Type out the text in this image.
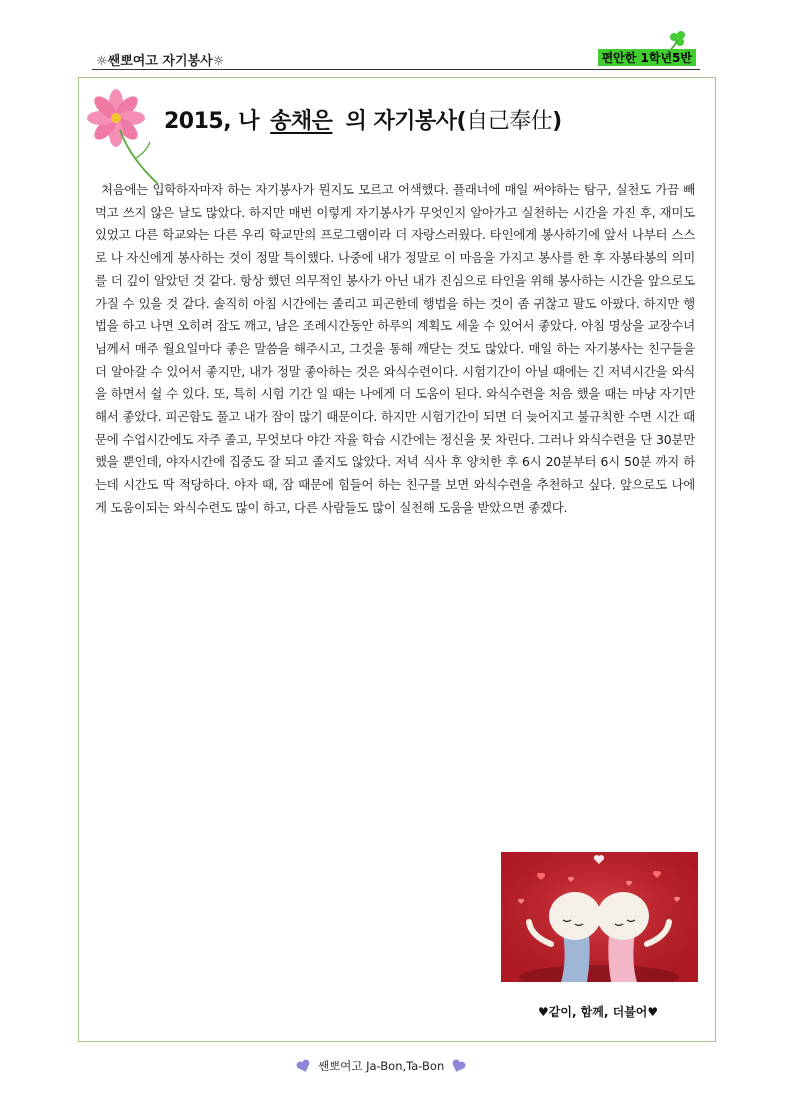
☼쌘뽀여고 자기봉사☼	편안한 1학년5반
2015, 나 송채은 의 자기봉사(自己奉仕)
처음에는 입학하자마자 하는 자기봉사가 뭔지도 모르고 어색했다. 플래너에 매일 써야하는 탐구, 실천도 가끔 빼먹고 쓰지 않은 날도 많았다. 하지만 매번 이렇게 자기봉사가 무엇인지 알아가고 실천하는 시간을 가진 후, 재미도 있었고 다른 학교와는 다른 우리 학교만의 프로그램이라 더 자랑스러웠다. 타인에게 봉사하기에 앞서 나부터 스스로 나 자신에게 봉사하는 것이 정말 특이했다. 나중에 내가 정말로 이 마음을 가지고 봉사를 한 후 자봉타봉의 의미를 더 깊이 알았던 것 같다. 항상 했던 의무적인 봉사가 아닌 내가 진심으로 타인을 위해 봉사하는 시간을 앞으로도 가질 수 있을 것 같다. 솔직히 아침 시간에는 졸리고 피곤한데 행법을 하는 것이 좀 귀찮고 팔도 아팠다. 하지만 행법을 하고 나면 오히려 잠도 깨고, 남은 조례시간동안 하루의 계획도 세울 수 있어서 좋았다. 아침 명상을 교장수녀님께서 매주 월요일마다 좋은 말씀을 해주시고, 그것을 통해 깨닫는 것도 많았다. 매일 하는 자기봉사는 친구들을 더 알아갈 수 있어서 좋지만, 내가 정말 좋아하는 것은 와식수련이다. 시험기간이 아닐 때에는 긴 저녁시간을 와식을 하면서 쉴 수 있다. 또, 특히 시험 기간 일 때는 나에게 더 도움이 된다. 와식수련을 처음 했을 때는 마냥 자기만 해서 좋았다. 피곤함도 풀고 내가 잠이 많기 때문이다. 하지만 시험기간이 되면 더 늦어지고 불규칙한 수면 시간 때문에 수업시간에도 자주 졸고, 무엇보다 야간 자율 학습 시간에는 정신을 못 차린다. 그러나 와식수련을 단 30분만 했을 뿐인데, 야자시간에 집중도 잘 되고 졸지도 않았다. 저녁 식사 후 양치한 후 6시 20분부터 6시 50분 까지 하는데 시간도 딱 적당하다. 야자 때, 잠 때문에 힘들어 하는 친구를 보면 와식수련을 추천하고 싶다. 앞으로도 나에게 도움이되는 와식수련도 많이 하고, 다른 사람들도 많이 실천해 도움을 받았으면 좋겠다.
♥같이, 함께, 더불어♥
쌘뽀여고 Ja-Bon,Ta-Bon
